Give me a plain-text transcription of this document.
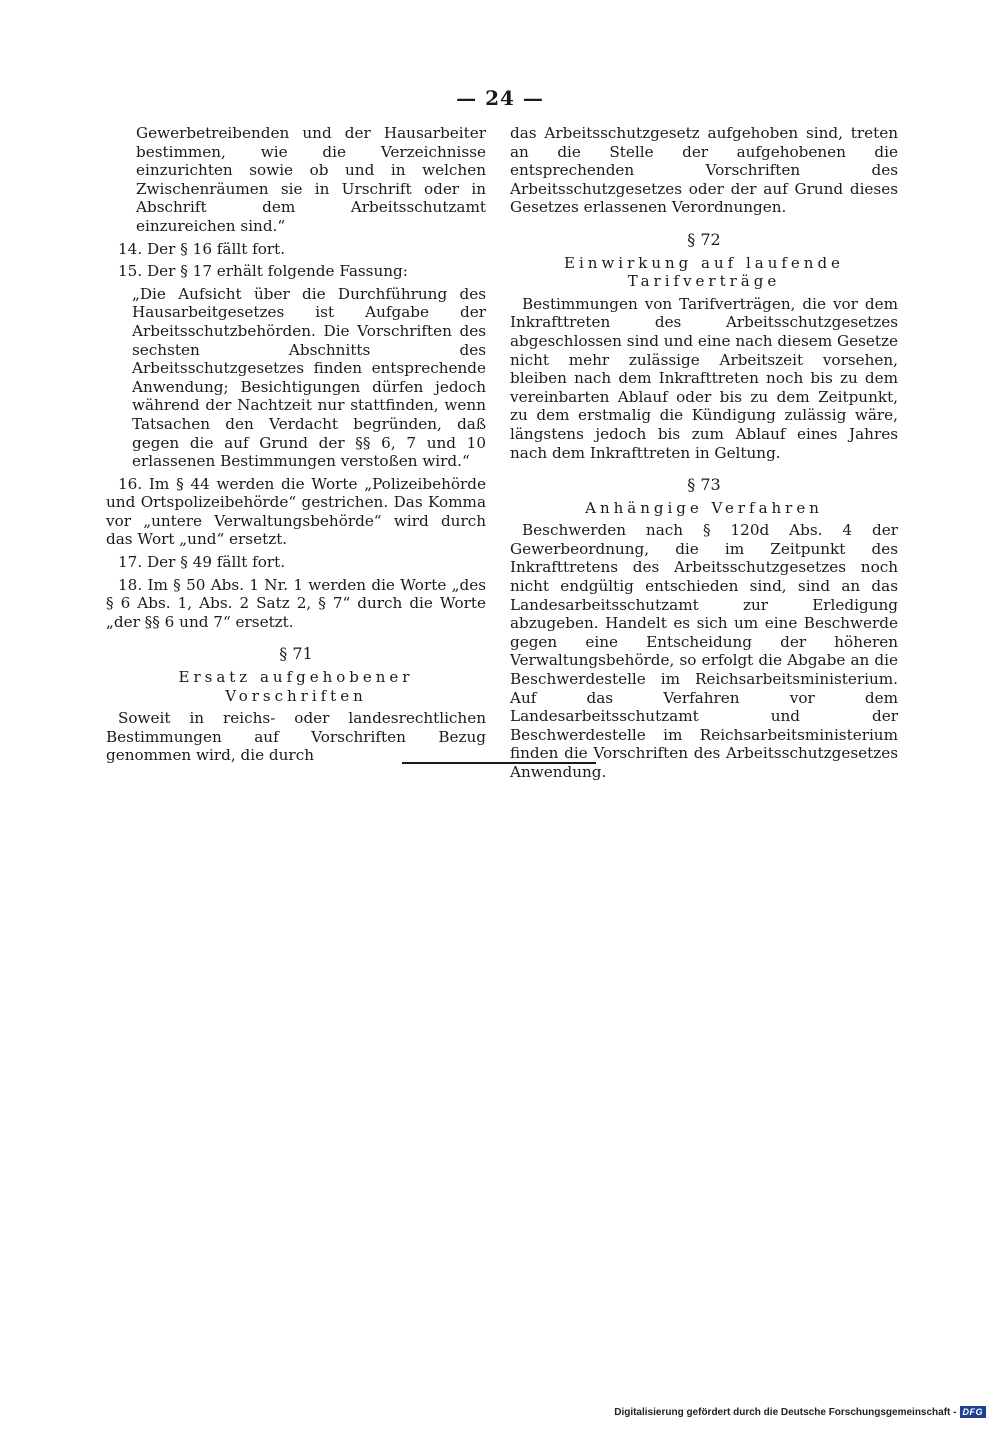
— 24 —

Gewerbetreibenden und der Hausarbeiter bestimmen, wie die Verzeichnisse einzurichten sowie ob und in welchen Zwischenräumen sie in Urschrift oder in Abschrift dem Arbeitsschutzamt einzureichen sind.“

14. Der § 16 fällt fort.

15. Der § 17 erhält folgende Fassung:

„Die Aufsicht über die Durchführung des Hausarbeitgesetzes ist Aufgabe der Arbeitsschutzbehörden. Die Vorschriften des sechsten Abschnitts des Arbeitsschutzgesetzes finden entsprechende Anwendung; Besichtigungen dürfen jedoch während der Nachtzeit nur stattfinden, wenn Tatsachen den Verdacht begründen, daß gegen die auf Grund der §§ 6, 7 und 10 erlassenen Bestimmungen verstoßen wird.“

16. Im § 44 werden die Worte „Polizeibehörde und Ortspolizeibehörde“ gestrichen. Das Komma vor „untere Verwaltungsbehörde“ wird durch das Wort „und“ ersetzt.

17. Der § 49 fällt fort.

18. Im § 50 Abs. 1 Nr. 1 werden die Worte „des § 6 Abs. 1, Abs. 2 Satz 2, § 7“ durch die Worte „der §§ 6 und 7“ ersetzt.

§ 71
Ersatz aufgehobener Vorschriften

Soweit in reichs- oder landesrechtlichen Bestimmungen auf Vorschriften Bezug genommen wird, die durch

das Arbeitsschutzgesetz aufgehoben sind, treten an die Stelle der aufgehobenen die entsprechenden Vorschriften des Arbeitsschutzgesetzes oder der auf Grund dieses Gesetzes erlassenen Verordnungen.

§ 72
Einwirkung auf laufende Tarifverträge

Bestimmungen von Tarifverträgen, die vor dem Inkrafttreten des Arbeitsschutzgesetzes abgeschlossen sind und eine nach diesem Gesetze nicht mehr zulässige Arbeitszeit vorsehen, bleiben nach dem Inkrafttreten noch bis zu dem vereinbarten Ablauf oder bis zu dem Zeitpunkt, zu dem erstmalig die Kündigung zulässig wäre, längstens jedoch bis zum Ablauf eines Jahres nach dem Inkrafttreten in Geltung.

§ 73
Anhängige Verfahren

Beschwerden nach § 120d Abs. 4 der Gewerbeordnung, die im Zeitpunkt des Inkrafttretens des Arbeitsschutzgesetzes noch nicht endgültig entschieden sind, sind an das Landesarbeitsschutzamt zur Erledigung abzugeben. Handelt es sich um eine Beschwerde gegen eine Entscheidung der höheren Verwaltungsbehörde, so erfolgt die Abgabe an die Beschwerdestelle im Reichsarbeitsministerium. Auf das Verfahren vor dem Landesarbeitsschutzamt und der Beschwerdestelle im Reichsarbeitsministerium finden die Vorschriften des Arbeitsschutzgesetzes Anwendung.

Digitalisierung gefördert durch die Deutsche Forschungsgemeinschaft - DFG
